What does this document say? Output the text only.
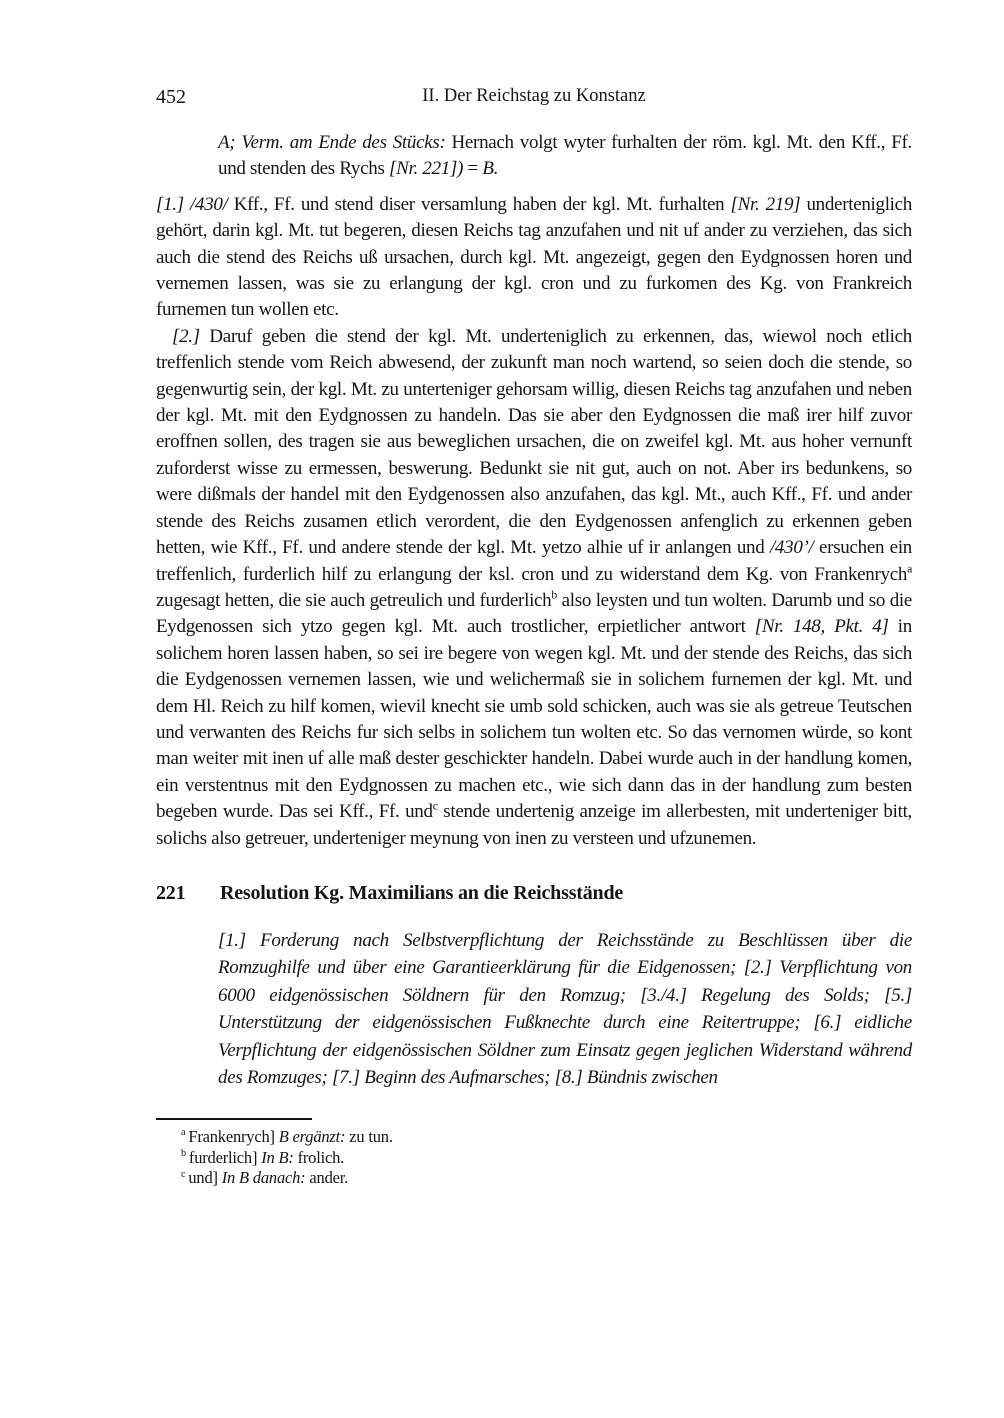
452	II. Der Reichstag zu Konstanz

A; Verm. am Ende des Stücks: Hernach volgt wyter furhalten der röm. kgl. Mt. den Kff., Ff. und stenden des Rychs [Nr. 221]) = B.

[1.] /430/ Kff., Ff. und stend diser versamlung haben der kgl. Mt. furhalten [Nr. 219] underteniglich gehört, darin kgl. Mt. tut begeren, diesen Reichs tag anzufahen und nit uf ander zu verziehen, das sich auch die stend des Reichs uß ursachen, durch kgl. Mt. angezeigt, gegen den Eydgnossen horen und vernemen lassen, was sie zu erlangung der kgl. cron und zu furkomen des Kg. von Frankreich furnemen tun wollen etc.

[2.] Daruf geben die stend der kgl. Mt. underteniglich zu erkennen, das, wiewol noch etlich treffenlich stende vom Reich abwesend, der zukunft man noch wartend, so seien doch die stende, so gegenwurtig sein, der kgl. Mt. zu unterteniger gehorsam willig, diesen Reichs tag anzufahen und neben der kgl. Mt. mit den Eydgnossen zu handeln. Das sie aber den Eydgnossen die maß irer hilf zuvor eroffnen sollen, des tragen sie aus beweglichen ursachen, die on zweifel kgl. Mt. aus hoher vernunft zuforderst wisse zu ermessen, beswerung. Bedunkt sie nit gut, auch on not. Aber irs bedunkens, so were dißmals der handel mit den Eydgenossen also anzufahen, das kgl. Mt., auch Kff., Ff. und ander stende des Reichs zusamen etlich verordent, die den Eydgenossen anfenglich zu erkennen geben hetten, wie Kff., Ff. und andere stende der kgl. Mt. yetzo alhie uf ir anlangen und /430’/ ersuchen ein treffenlich, furderlich hilf zu erlangung der ksl. cron und zu widerstand dem Kg. von Frankenrych$^a$ zugesagt hetten, die sie auch getreulich und furderlich$^b$ also leysten und tun wolten. Darumb und so die Eydgenossen sich ytzo gegen kgl. Mt. auch trostlicher, erpietlicher antwort [Nr. 148, Pkt. 4] in solichem horen lassen haben, so sei ire begere von wegen kgl. Mt. und der stende des Reichs, das sich die Eydgenossen vernemen lassen, wie und welichermaß sie in solichem furnemen der kgl. Mt. und dem Hl. Reich zu hilf komen, wievil knecht sie umb sold schicken, auch was sie als getreue Teutschen und verwanten des Reichs fur sich selbs in solichem tun wolten etc. So das vernomen würde, so kont man weiter mit inen uf alle maß dester geschickter handeln. Dabei wurde auch in der handlung komen, ein verstentnus mit den Eydgnossen zu machen etc., wie sich dann das in der handlung zum besten begeben wurde. Das sei Kff., Ff. und$^c$ stende undertenig anzeige im allerbesten, mit underteniger bitt, solichs also getreuer, underteniger meynung von inen zu versteen und ufzunemen.

221 Resolution Kg. Maximilians an die Reichsstände

[1.] Forderung nach Selbstverpflichtung der Reichsstände zu Beschlüssen über die Romzughilfe und über eine Garantieerklärung für die Eidgenossen; [2.] Verpflichtung von 6000 eidgenössischen Söldnern für den Romzug; [3./4.] Regelung des Solds; [5.] Unterstützung der eidgenössischen Fußknechte durch eine Reitertruppe; [6.] eidliche Verpflichtung der eidgenössischen Söldner zum Einsatz gegen jeglichen Widerstand während des Romzuges; [7.] Beginn des Aufmarsches; [8.] Bündnis zwischen

$^a$ Frankenrych] B ergänzt: zu tun.
$^b$ furderlich] In B: frolich.
$^c$ und] In B danach: ander.
